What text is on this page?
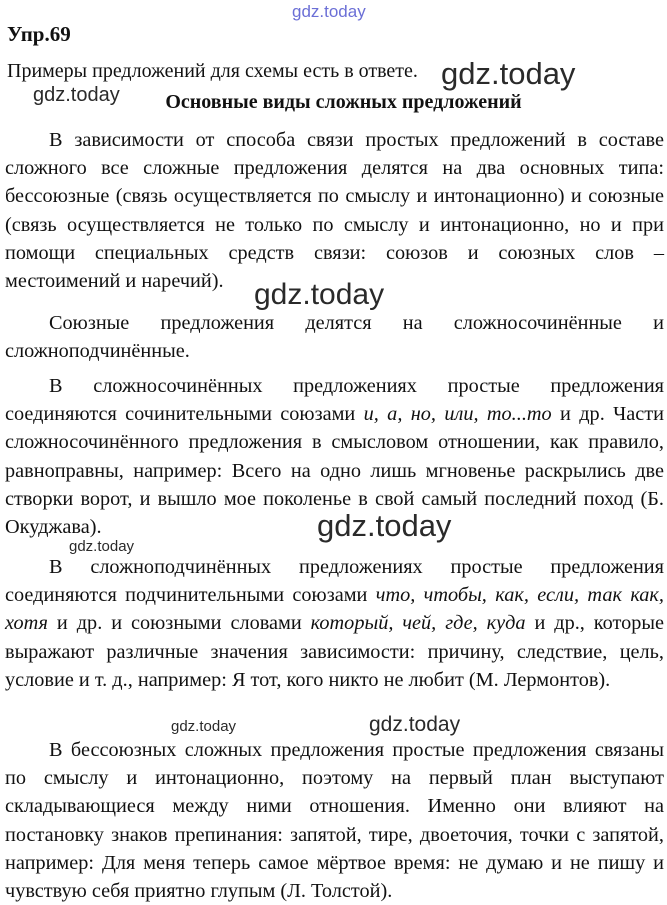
gdz.today
Упр.69

Примеры предложений для схемы есть в ответе. gdz.today
gdz.today	Основные виды сложных предложений

В зависимости от способа связи простых предложений в составе сложного все сложные предложения делятся на два основных типа: бессоюзные (связь осуществляется по смыслу и интонационно) и союзные (связь осуществляется не только по смыслу и интонационно, но и при помощи специальных средств связи: союзов и союзных слов – местоимений и наречий).	gdz.today

Союзные предложения делятся на сложносочинённые и сложноподчинённые.

В сложносочинённых предложениях простые предложения соединяются сочинительными союзами и, а, но, или, то...то и др. Части сложносочинённого предложения в смысловом отношении, как правило, равноправны, например: Всего на одно лишь мгновенье раскрылись две створки ворот, и вышло мое поколенье в свой самый последний поход (Б. Окуджава).	gdz.today
gdz.today

В сложноподчинённых предложениях простые предложения соединяются подчинительными союзами что, чтобы, как, если, так как, хотя и др. и союзными словами который, чей, где, куда и др., которые выражают различные значения зависимости: причину, следствие, цель, условие и т. д., например: Я тот, кого никто не любит (М. Лермонтов).

gdz.today	gdz.today

В бессоюзных сложных предложения простые предложения связаны по смыслу и интонационно, поэтому на первый план выступают складывающиеся между ними отношения. Именно они влияют на постановку знаков препинания: запятой, тире, двоеточия, точки с запятой, например: Для меня теперь самое мёртвое время: не думаю и не пишу и чувствую себя приятно глупым (Л. Толстой).
